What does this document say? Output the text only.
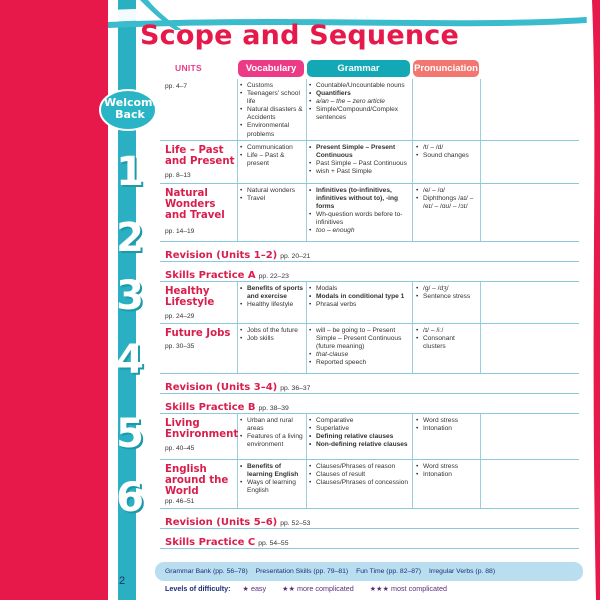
Scope and Sequence
UNITS	Vocabulary	Grammar	Pronunciation
pp. 4–7
•	Customs
• Teenagers' school life
• Natural disasters & Accidents
• Environmental problems
• Countable/Uncountable nouns
• Quantifiers
• a/an – the – zero article
• Simple/Compound/Complex sentences
Life – Past and Present
pp. 8–13
• Communication
• Life – Past & present
• Present Simple – Present Continuous
• Past Simple – Past Continuous
• wish + Past Simple
• /t/ – /d/
• Sound changes
Natural Wonders and Travel
pp. 14–19
• Natural wonders
• Travel
• Infinitives (to-infinitives, infinitives without to), -ing forms
• Wh-question words before to-infinitives
• too – enough
• /e/ – /ɑ/
• Diphthongs /aɪ/ – /eɪ/ – /ɑʊ/ – /ɔɪ/
Revision (Units 1–2) pp. 20–21
Skills Practice A pp. 22–23
Healthy Lifestyle
pp. 24–29
• Benefits of sports and exercise
• Healthy lifestyle
• Modals
• Modals in conditional type 1
• Phrasal verbs
• /g/ – /dʒ/
• Sentence stress
Future Jobs
pp. 30–35
• Jobs of the future
• Job skills
• will – be going to – Present Simple – Present Continuous (future meaning)
• that-clause
• Reported speech
• /ɪ/ – /iː/
• Consonant clusters
Revision (Units 3–4) pp. 36–37
Skills Practice B pp. 38–39
Living Environment
pp. 40–45
• Urban and rural areas
• Features of a living environment
• Comparative
• Superlative
• Defining relative clauses
• Non-defining relative clauses
• Word stress
• Intonation
English around the World
pp. 46–51
• Benefits of learning English
• Ways of learning English
• Clauses/Phrases of reason
• Clauses of result
• Clauses/Phrases of concession
• Word stress
• Intonation
Revision (Units 5–6) pp. 52–53
Skills Practice C pp. 54–55
Welcome
Back
1
2
3
4
5
6
Grammar Bank (pp. 56–78) Presentation Skills (pp. 79–81) Fun Time (pp. 82–87) Irregular Verbs (p. 88)
Levels of difficulty: ★ easy ★★ more complicated ★★★ most complicated
2
